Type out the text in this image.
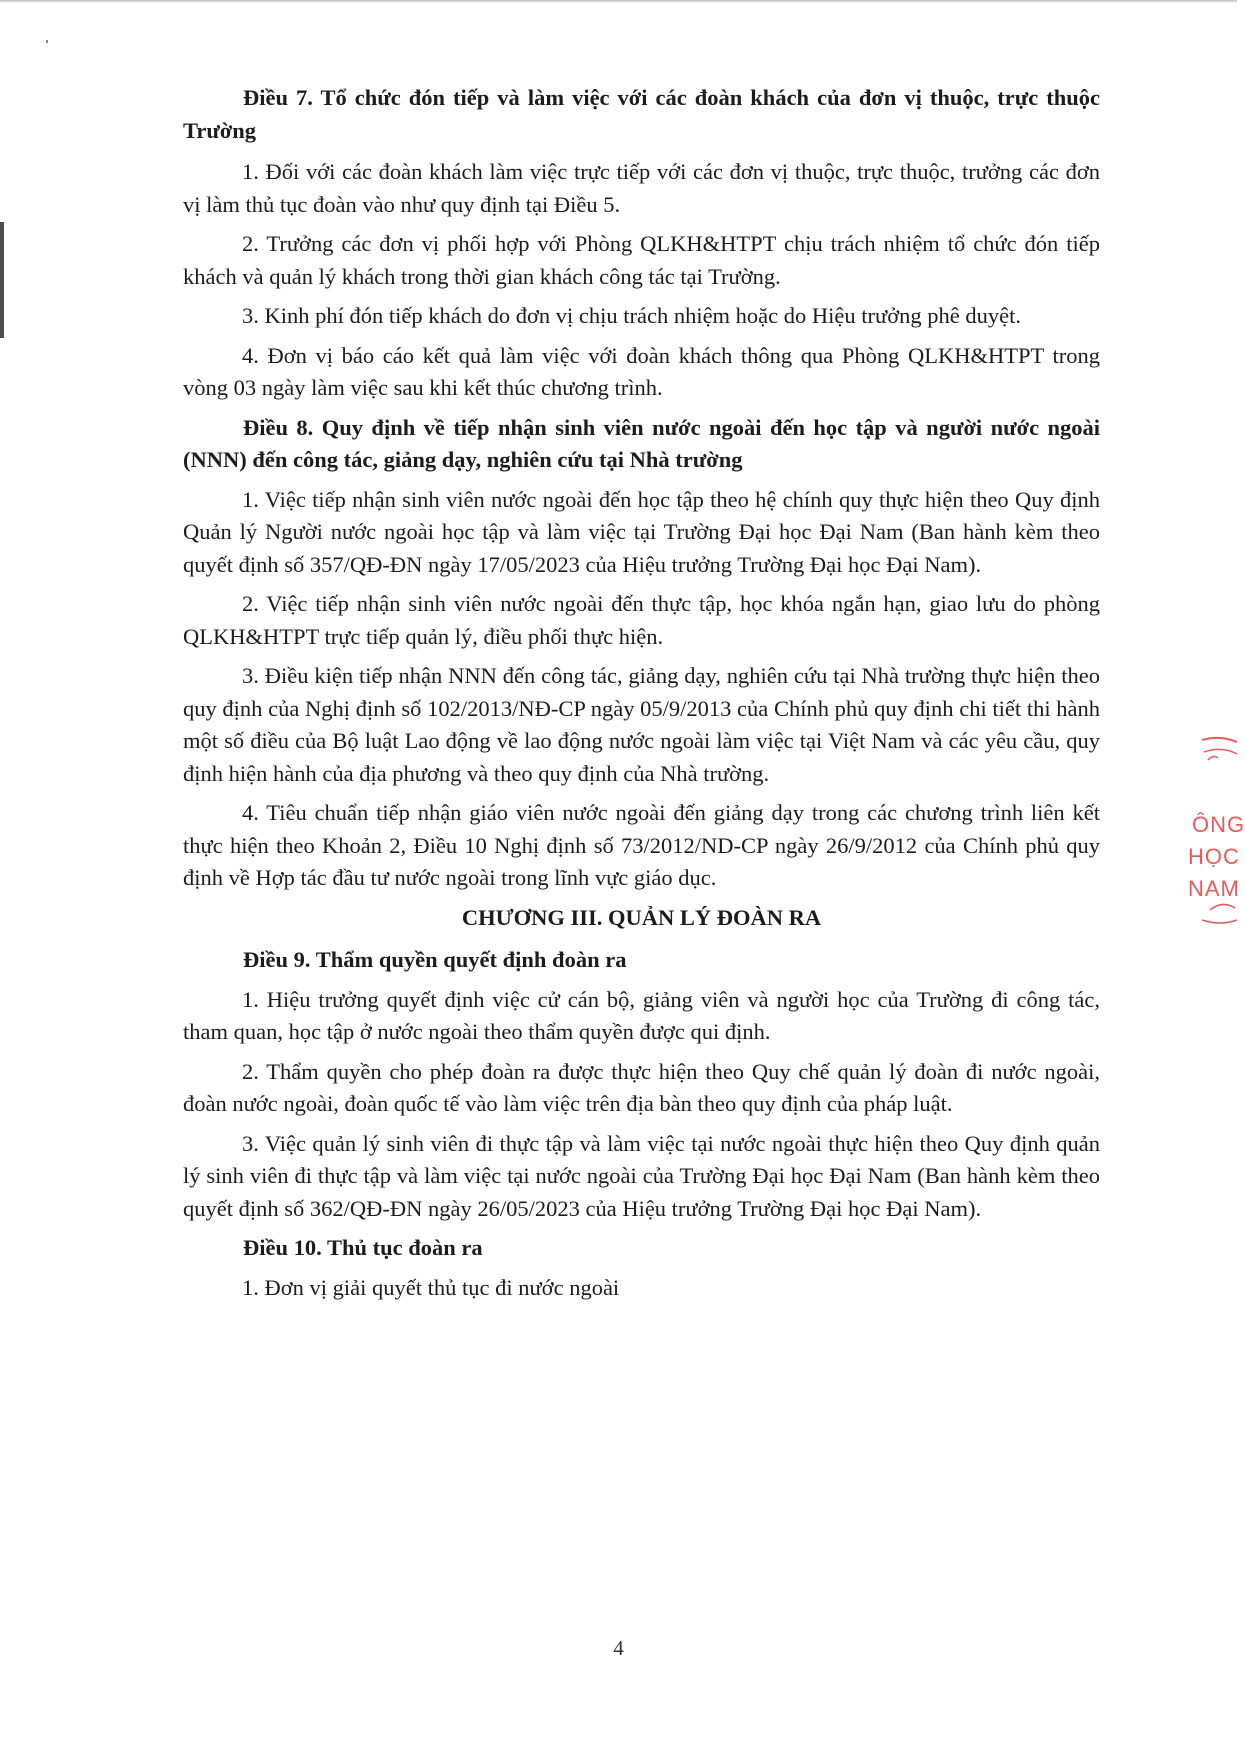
Điều 7. Tổ chức đón tiếp và làm việc với các đoàn khách của đơn vị thuộc, trực thuộc Trường

1. Đối với các đoàn khách làm việc trực tiếp với các đơn vị thuộc, trực thuộc, trưởng các đơn vị làm thủ tục đoàn vào như quy định tại Điều 5.

2. Trưởng các đơn vị phối hợp với Phòng QLKH&HTPT chịu trách nhiệm tổ chức đón tiếp khách và quản lý khách trong thời gian khách công tác tại Trường.

3. Kinh phí đón tiếp khách do đơn vị chịu trách nhiệm hoặc do Hiệu trưởng phê duyệt.

4. Đơn vị báo cáo kết quả làm việc với đoàn khách thông qua Phòng QLKH&HTPT trong vòng 03 ngày làm việc sau khi kết thúc chương trình.

Điều 8. Quy định về tiếp nhận sinh viên nước ngoài đến học tập và người nước ngoài (NNN) đến công tác, giảng dạy, nghiên cứu tại Nhà trường

1. Việc tiếp nhận sinh viên nước ngoài đến học tập theo hệ chính quy thực hiện theo Quy định Quản lý Người nước ngoài học tập và làm việc tại Trường Đại học Đại Nam (Ban hành kèm theo quyết định số 357/QĐ-ĐN ngày 17/05/2023 của Hiệu trưởng Trường Đại học Đại Nam).

2. Việc tiếp nhận sinh viên nước ngoài đến thực tập, học khóa ngắn hạn, giao lưu do phòng QLKH&HTPT trực tiếp quản lý, điều phối thực hiện.

3. Điều kiện tiếp nhận NNN đến công tác, giảng dạy, nghiên cứu tại Nhà trường thực hiện theo quy định của Nghị định số 102/2013/NĐ-CP ngày 05/9/2013 của Chính phủ quy định chi tiết thi hành một số điều của Bộ luật Lao động về lao động nước ngoài làm việc tại Việt Nam và các yêu cầu, quy định hiện hành của địa phương và theo quy định của Nhà trường.

4. Tiêu chuẩn tiếp nhận giáo viên nước ngoài đến giảng dạy trong các chương trình liên kết thực hiện theo Khoản 2, Điều 10 Nghị định số 73/2012/ND-CP ngày 26/9/2012 của Chính phủ quy định về Hợp tác đầu tư nước ngoài trong lĩnh vực giáo dục.

CHƯƠNG III. QUẢN LÝ ĐOÀN RA

Điều 9. Thẩm quyền quyết định đoàn ra

1. Hiệu trưởng quyết định việc cử cán bộ, giảng viên và người học của Trường đi công tác, tham quan, học tập ở nước ngoài theo thẩm quyền được qui định.

2. Thẩm quyền cho phép đoàn ra được thực hiện theo Quy chế quản lý đoàn đi nước ngoài, đoàn nước ngoài, đoàn quốc tế vào làm việc trên địa bàn theo quy định của pháp luật.

3. Việc quản lý sinh viên đi thực tập và làm việc tại nước ngoài thực hiện theo Quy định quản lý sinh viên đi thực tập và làm việc tại nước ngoài của Trường Đại học Đại Nam (Ban hành kèm theo quyết định số 362/QĐ-ĐN ngày 26/05/2023 của Hiệu trưởng Trường Đại học Đại Nam).

Điều 10. Thủ tục đoàn ra

1. Đơn vị giải quyết thủ tục đi nước ngoài

ÔNG
HỌC
NAM
4
